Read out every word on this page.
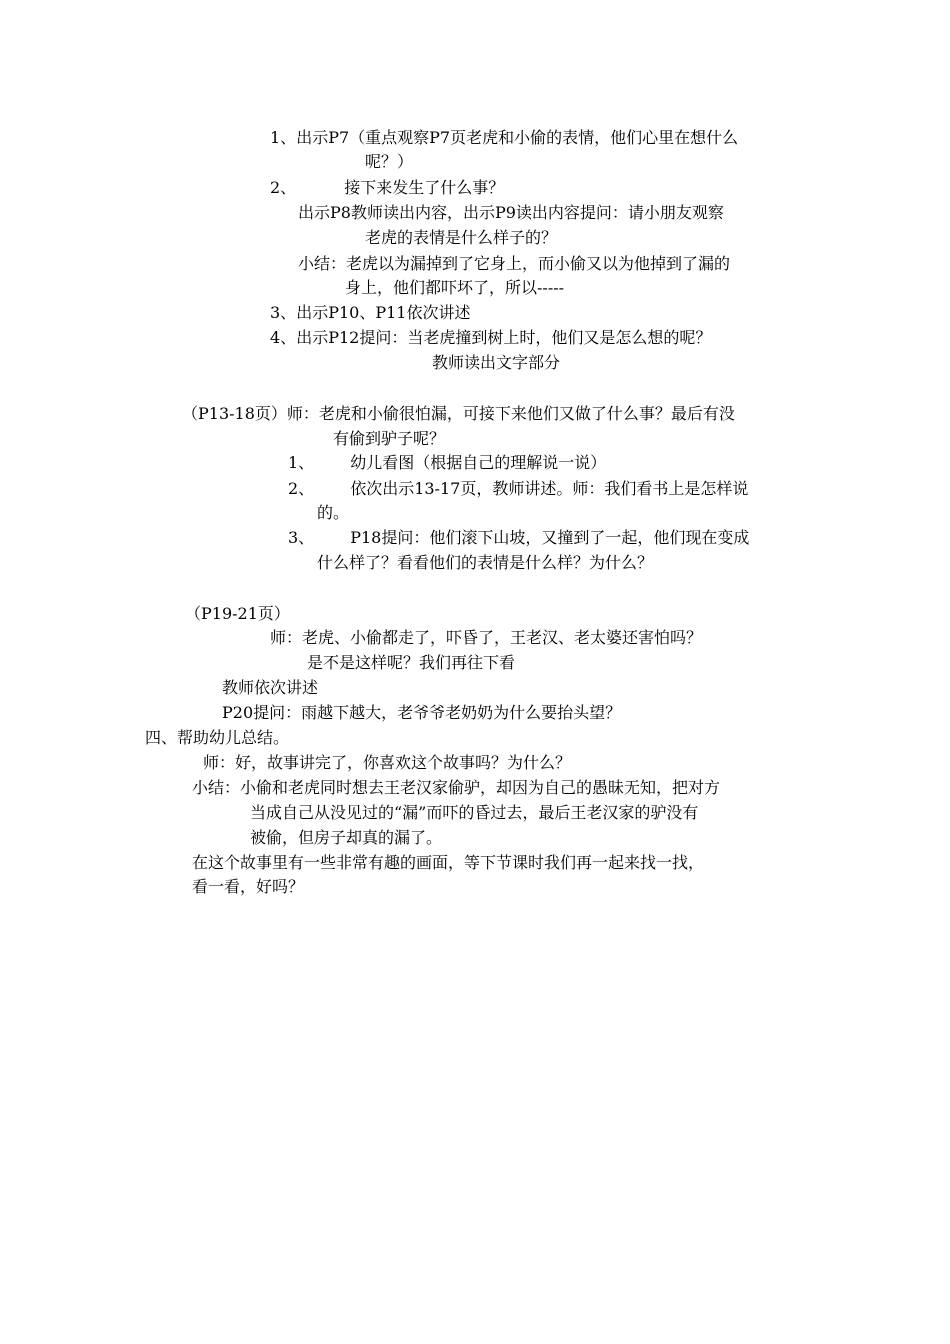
1、出示P7（重点观察P7页老虎和小偷的表情，他们心里在想什么
呢？）
2、	接下来发生了什么事？
出示P8教师读出内容，出示P9读出内容提问：请小朋友观察
老虎的表情是什么样子的？
小结：老虎以为漏掉到了它身上，而小偷又以为他掉到了漏的
身上，他们都吓坏了，所以-----
3、出示P10、P11依次讲述
4、出示P12提问：当老虎撞到树上时，他们又是怎么想的呢？
教师读出文字部分
（P13-18页）师：老虎和小偷很怕漏，可接下来他们又做了什么事？最后有没
有偷到驴子呢？
1、 幼儿看图（根据自己的理解说一说）
2、 依次出示13-17页，教师讲述。师：我们看书上是怎样说
的。
3、 P18提问：他们滚下山坡，又撞到了一起，他们现在变成
什么样了？看看他们的表情是什么样？为什么？
（P19-21页）
师：老虎、小偷都走了，吓昏了，王老汉、老太婆还害怕吗？
是不是这样呢？我们再往下看
教师依次讲述
P20提问：雨越下越大，老爷爷老奶奶为什么要抬头望？
四、帮助幼儿总结。
师：好，故事讲完了，你喜欢这个故事吗？为什么？
小结：小偷和老虎同时想去王老汉家偷驴，却因为自己的愚昧无知，把对方
当成自己从没见过的“漏”而吓的昏过去，最后王老汉家的驴没有
被偷，但房子却真的漏了。
在这个故事里有一些非常有趣的画面，等下节课时我们再一起来找一找，
看一看，好吗？
